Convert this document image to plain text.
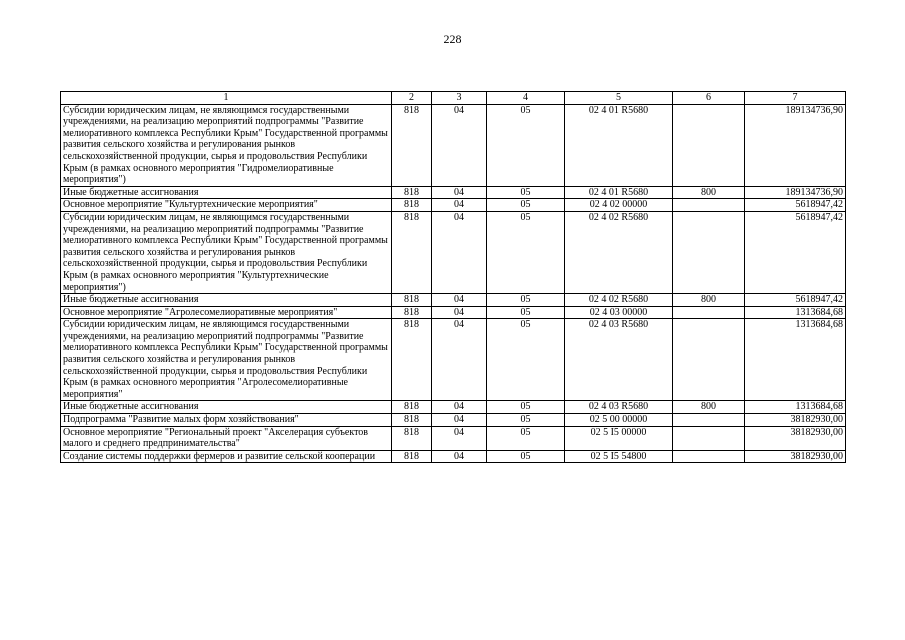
228
1	2	3	4	5	6	7
Субсидии юридическим лицам, не являющимся государственными учреждениями, на реализацию мероприятий подпрограммы "Развитие мелиоративного комплекса Республики Крым" Государственной программы развития сельского хозяйства и регулирования рынков сельскохозяйственной продукции, сырья и продовольствия Республики Крым (в рамках основного мероприятия "Гидромелиоративные мероприятия")	818	04	05	02 4 01 R5680		189134736,90
Иные бюджетные ассигнования	818	04	05	02 4 01 R5680	800	189134736,90
Основное мероприятие "Культуртехнические мероприятия"	818	04	05	02 4 02 00000		5618947,42
Субсидии юридическим лицам, не являющимся государственными учреждениями, на реализацию мероприятий подпрограммы "Развитие мелиоративного комплекса Республики Крым" Государственной программы развития сельского хозяйства и регулирования рынков сельскохозяйственной продукции, сырья и продовольствия Республики Крым (в рамках основного мероприятия "Культуртехнические мероприятия")	818	04	05	02 4 02 R5680		5618947,42
Иные бюджетные ассигнования	818	04	05	02 4 02 R5680	800	5618947,42
Основное мероприятие "Агролесомелиоративные мероприятия"	818	04	05	02 4 03 00000		1313684,68
Субсидии юридическим лицам, не являющимся государственными учреждениями, на реализацию мероприятий подпрограммы "Развитие мелиоративного комплекса Республики Крым" Государственной программы развития сельского хозяйства и регулирования рынков сельскохозяйственной продукции, сырья и продовольствия Республики Крым (в рамках основного мероприятия "Агролесомелиоративные мероприятия"	818	04	05	02 4 03 R5680		1313684,68
Иные бюджетные ассигнования	818	04	05	02 4 03 R5680	800	1313684,68
Подпрограмма "Развитие малых форм хозяйствования"	818	04	05	02 5 00 00000		38182930,00
Основное мероприятие "Региональный проект "Акселерация субъектов малого и среднего предпринимательства"	818	04	05	02 5 I5 00000		38182930,00
Создание системы поддержки фермеров и развитие сельской кооперации	818	04	05	02 5 I5 54800		38182930,00
